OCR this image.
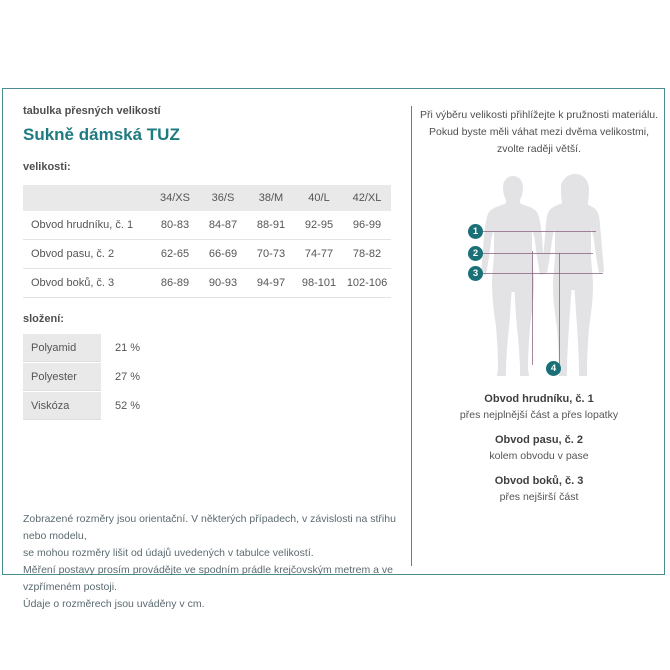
tabulka přesných velikostí
Sukně dámská TUZ
velikosti:
	34/XS	36/S	38/M	40/L	42/XL
Obvod hrudníku, č. 1	80-83	84-87	88-91	92-95	96-99
Obvod pasu, č. 2	62-65	66-69	70-73	74-77	78-82
Obvod boků, č. 3	86-89	90-93	94-97	98-101	102-106
složení:
Polyamid	21 %
Polyester	27 %
Viskóza	52 %
Zobrazené rozměry jsou orientační. V některých případech, v závislosti na střihu nebo modelu,
se mohou rozměry lišit od údajů uvedených v tabulce velikostí.
Měření postavy prosím provádějte ve spodním prádle krejčovským metrem a ve vzpřímeném postoji.
Údaje o rozměrech jsou uváděny v cm.
Při výběru velikosti přihlížejte k pružnosti materiálu.
Pokud byste měli váhat mezi dvěma velikostmi,
zvolte raději větší.
1
2
3
4
Obvod hrudníku, č. 1
přes nejplnější část a přes lopatky
Obvod pasu, č. 2
kolem obvodu v pase
Obvod boků, č. 3
přes nejširší část
